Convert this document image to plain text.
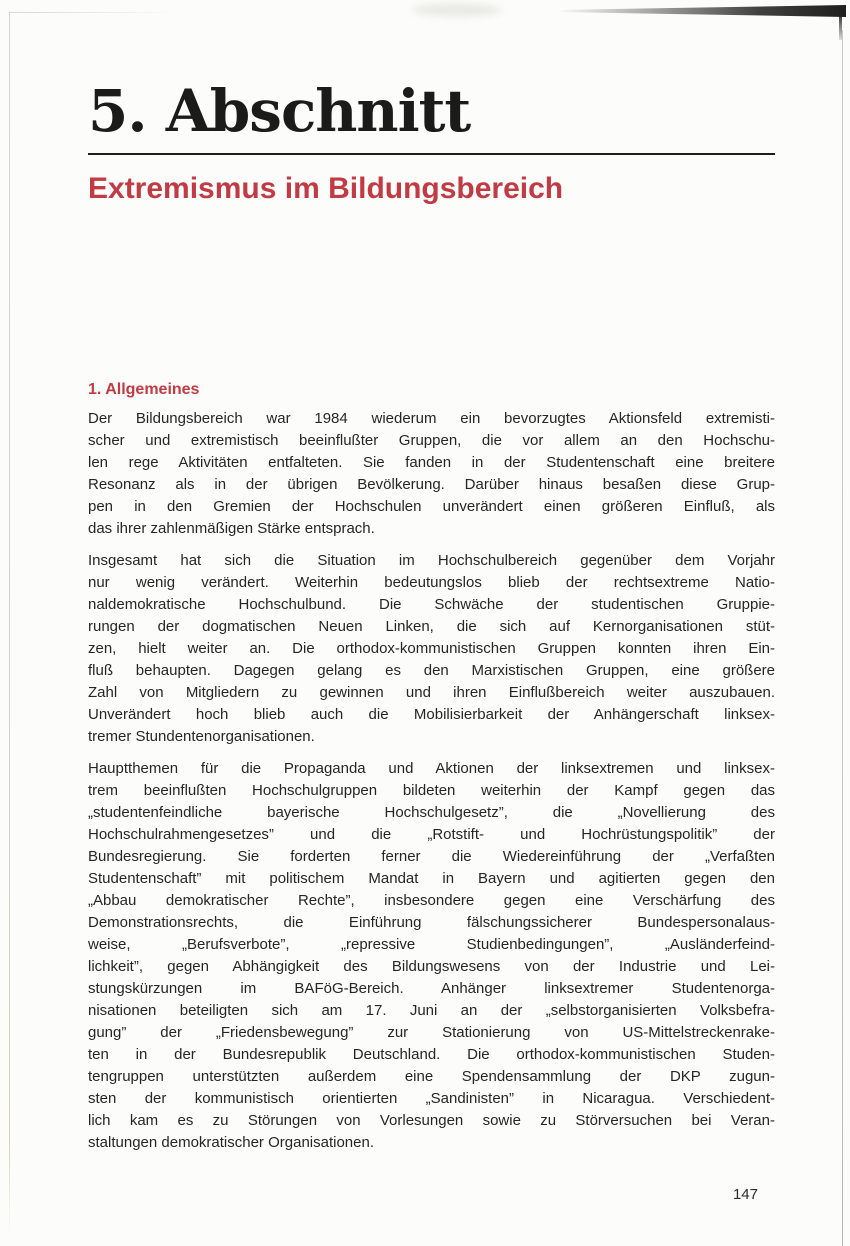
5. Abschnitt
Extremismus im Bildungsbereich
1. Allgemeines
Der Bildungsbereich war 1984 wiederum ein bevorzugtes Aktionsfeld extremisti-
scher und extremistisch beeinflußter Gruppen, die vor allem an den Hochschu-
len rege Aktivitäten entfalteten. Sie fanden in der Studentenschaft eine breitere
Resonanz als in der übrigen Bevölkerung. Darüber hinaus besaßen diese Grup-
pen in den Gremien der Hochschulen unverändert einen größeren Einfluß, als
das ihrer zahlenmäßigen Stärke entsprach.
Insgesamt hat sich die Situation im Hochschulbereich gegenüber dem Vorjahr
nur wenig verändert. Weiterhin bedeutungslos blieb der rechtsextreme Natio-
naldemokratische Hochschulbund. Die Schwäche der studentischen Gruppie-
rungen der dogmatischen Neuen Linken, die sich auf Kernorganisationen stüt-
zen, hielt weiter an. Die orthodox-kommunistischen Gruppen konnten ihren Ein-
fluß behaupten. Dagegen gelang es den Marxistischen Gruppen, eine größere
Zahl von Mitgliedern zu gewinnen und ihren Einflußbereich weiter auszubauen.
Unverändert hoch blieb auch die Mobilisierbarkeit der Anhängerschaft linksex-
tremer Stundentenorganisationen.
Hauptthemen für die Propaganda und Aktionen der linksextremen und linksex-
trem beeinflußten Hochschulgruppen bildeten weiterhin der Kampf gegen das
„studentenfeindliche bayerische Hochschulgesetz”, die „Novellierung des
Hochschulrahmengesetzes” und die „Rotstift- und Hochrüstungspolitik” der
Bundesregierung. Sie forderten ferner die Wiedereinführung der „Verfaßten
Studentenschaft” mit politischem Mandat in Bayern und agitierten gegen den
„Abbau demokratischer Rechte”, insbesondere gegen eine Verschärfung des
Demonstrationsrechts, die Einführung fälschungssicherer Bundespersonalaus-
weise, „Berufsverbote”, „repressive Studienbedingungen”, „Ausländerfeind-
lichkeit”, gegen Abhängigkeit des Bildungswesens von der Industrie und Lei-
stungskürzungen im BAFöG-Bereich. Anhänger linksextremer Studentenorga-
nisationen beteiligten sich am 17. Juni an der „selbstorganisierten Volksbefra-
gung” der „Friedensbewegung” zur Stationierung von US-Mittelstreckenrake-
ten in der Bundesrepublik Deutschland. Die orthodox-kommunistischen Studen-
tengruppen unterstützten außerdem eine Spendensammlung der DKP zugun-
sten der kommunistisch orientierten „Sandinisten” in Nicaragua. Verschiedent-
lich kam es zu Störungen von Vorlesungen sowie zu Störversuchen bei Veran-
staltungen demokratischer Organisationen.
147
